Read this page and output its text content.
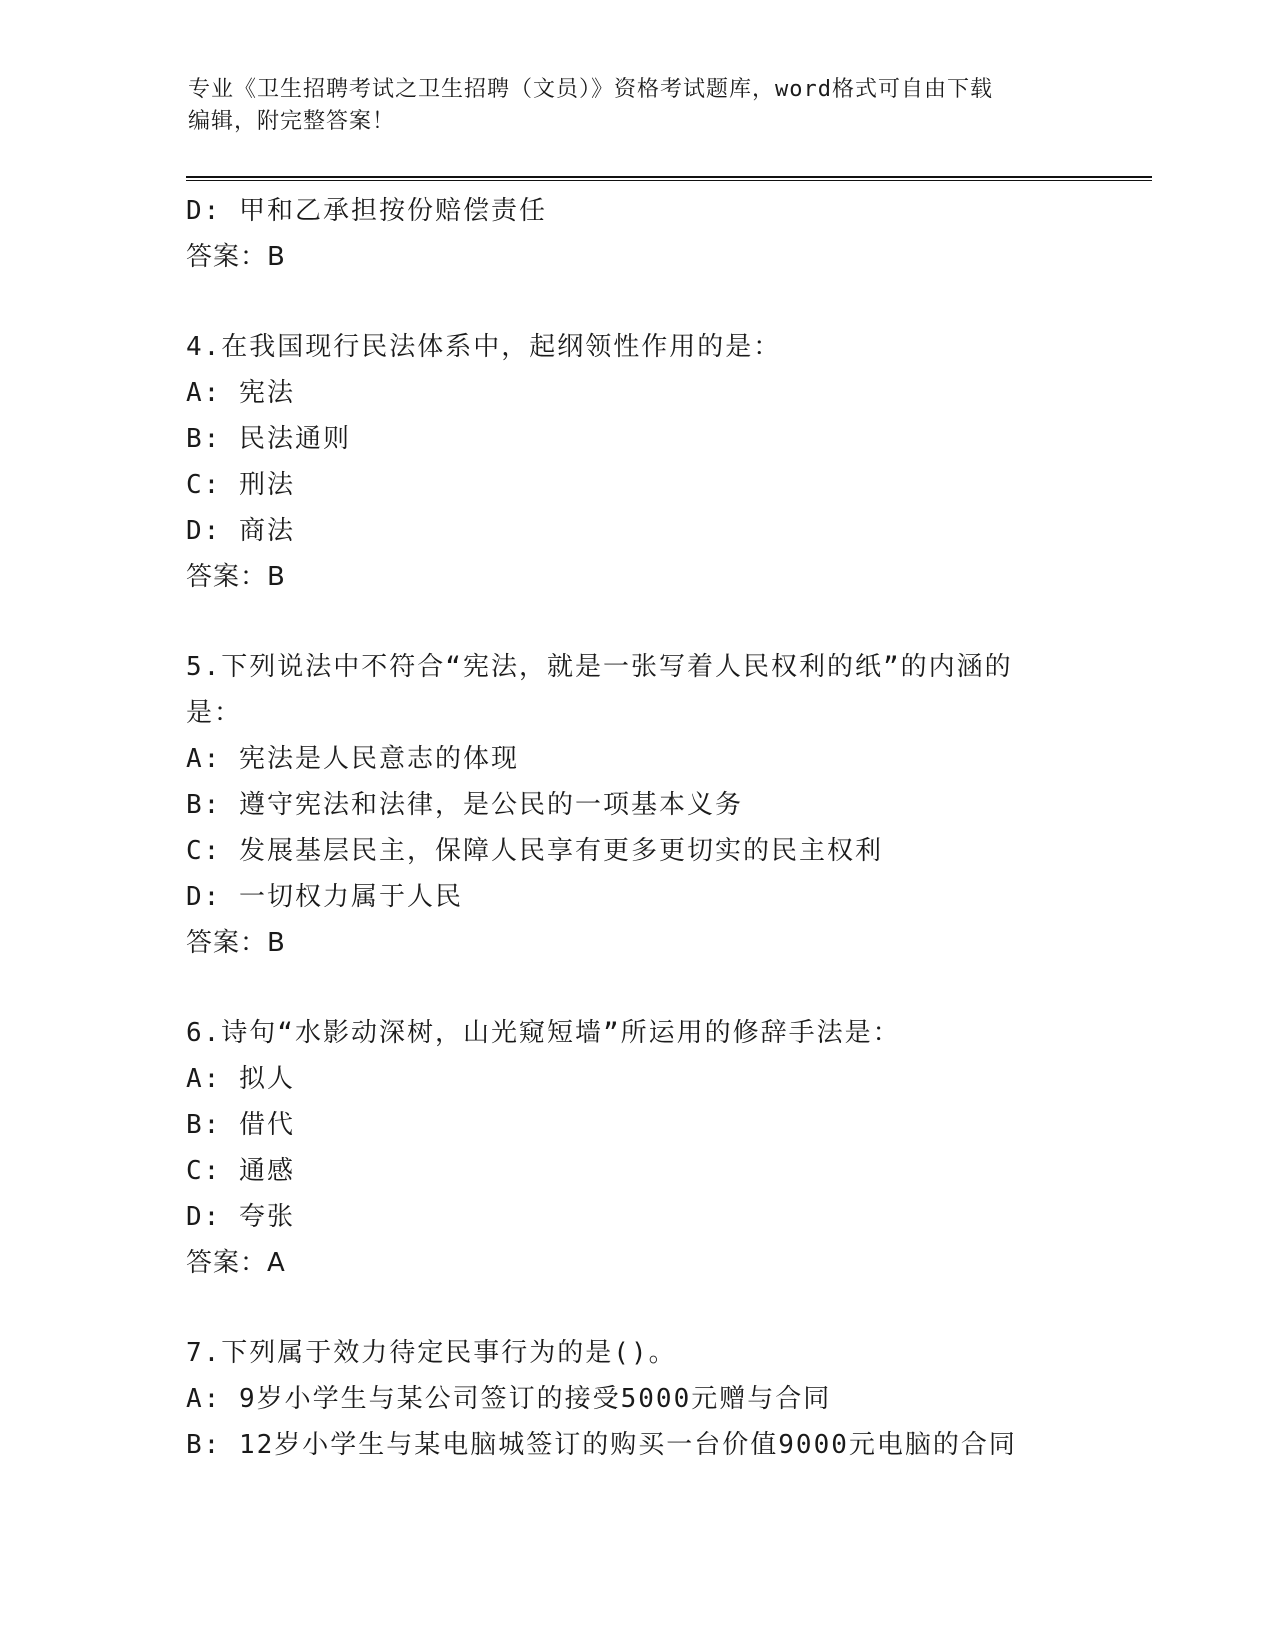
专业《卫生招聘考试之卫生招聘（文员）》资格考试题库，word格式可自由下载
编辑，附完整答案！
D: 甲和乙承担按份赔偿责任
答案：B
4.在我国现行民法体系中，起纲领性作用的是：
A: 宪法
B: 民法通则
C: 刑法
D: 商法
答案：B
5.下列说法中不符合“宪法，就是一张写着人民权利的纸”的内涵的
是：
A: 宪法是人民意志的体现
B: 遵守宪法和法律，是公民的一项基本义务
C: 发展基层民主，保障人民享有更多更切实的民主权利
D: 一切权力属于人民
答案：B
6.诗句“水影动深树，山光窥短墙”所运用的修辞手法是：
A: 拟人
B: 借代
C: 通感
D: 夸张
答案：A
7.下列属于效力待定民事行为的是()。
A: 9岁小学生与某公司签订的接受5000元赠与合同
B: 12岁小学生与某电脑城签订的购买一台价值9000元电脑的合同
